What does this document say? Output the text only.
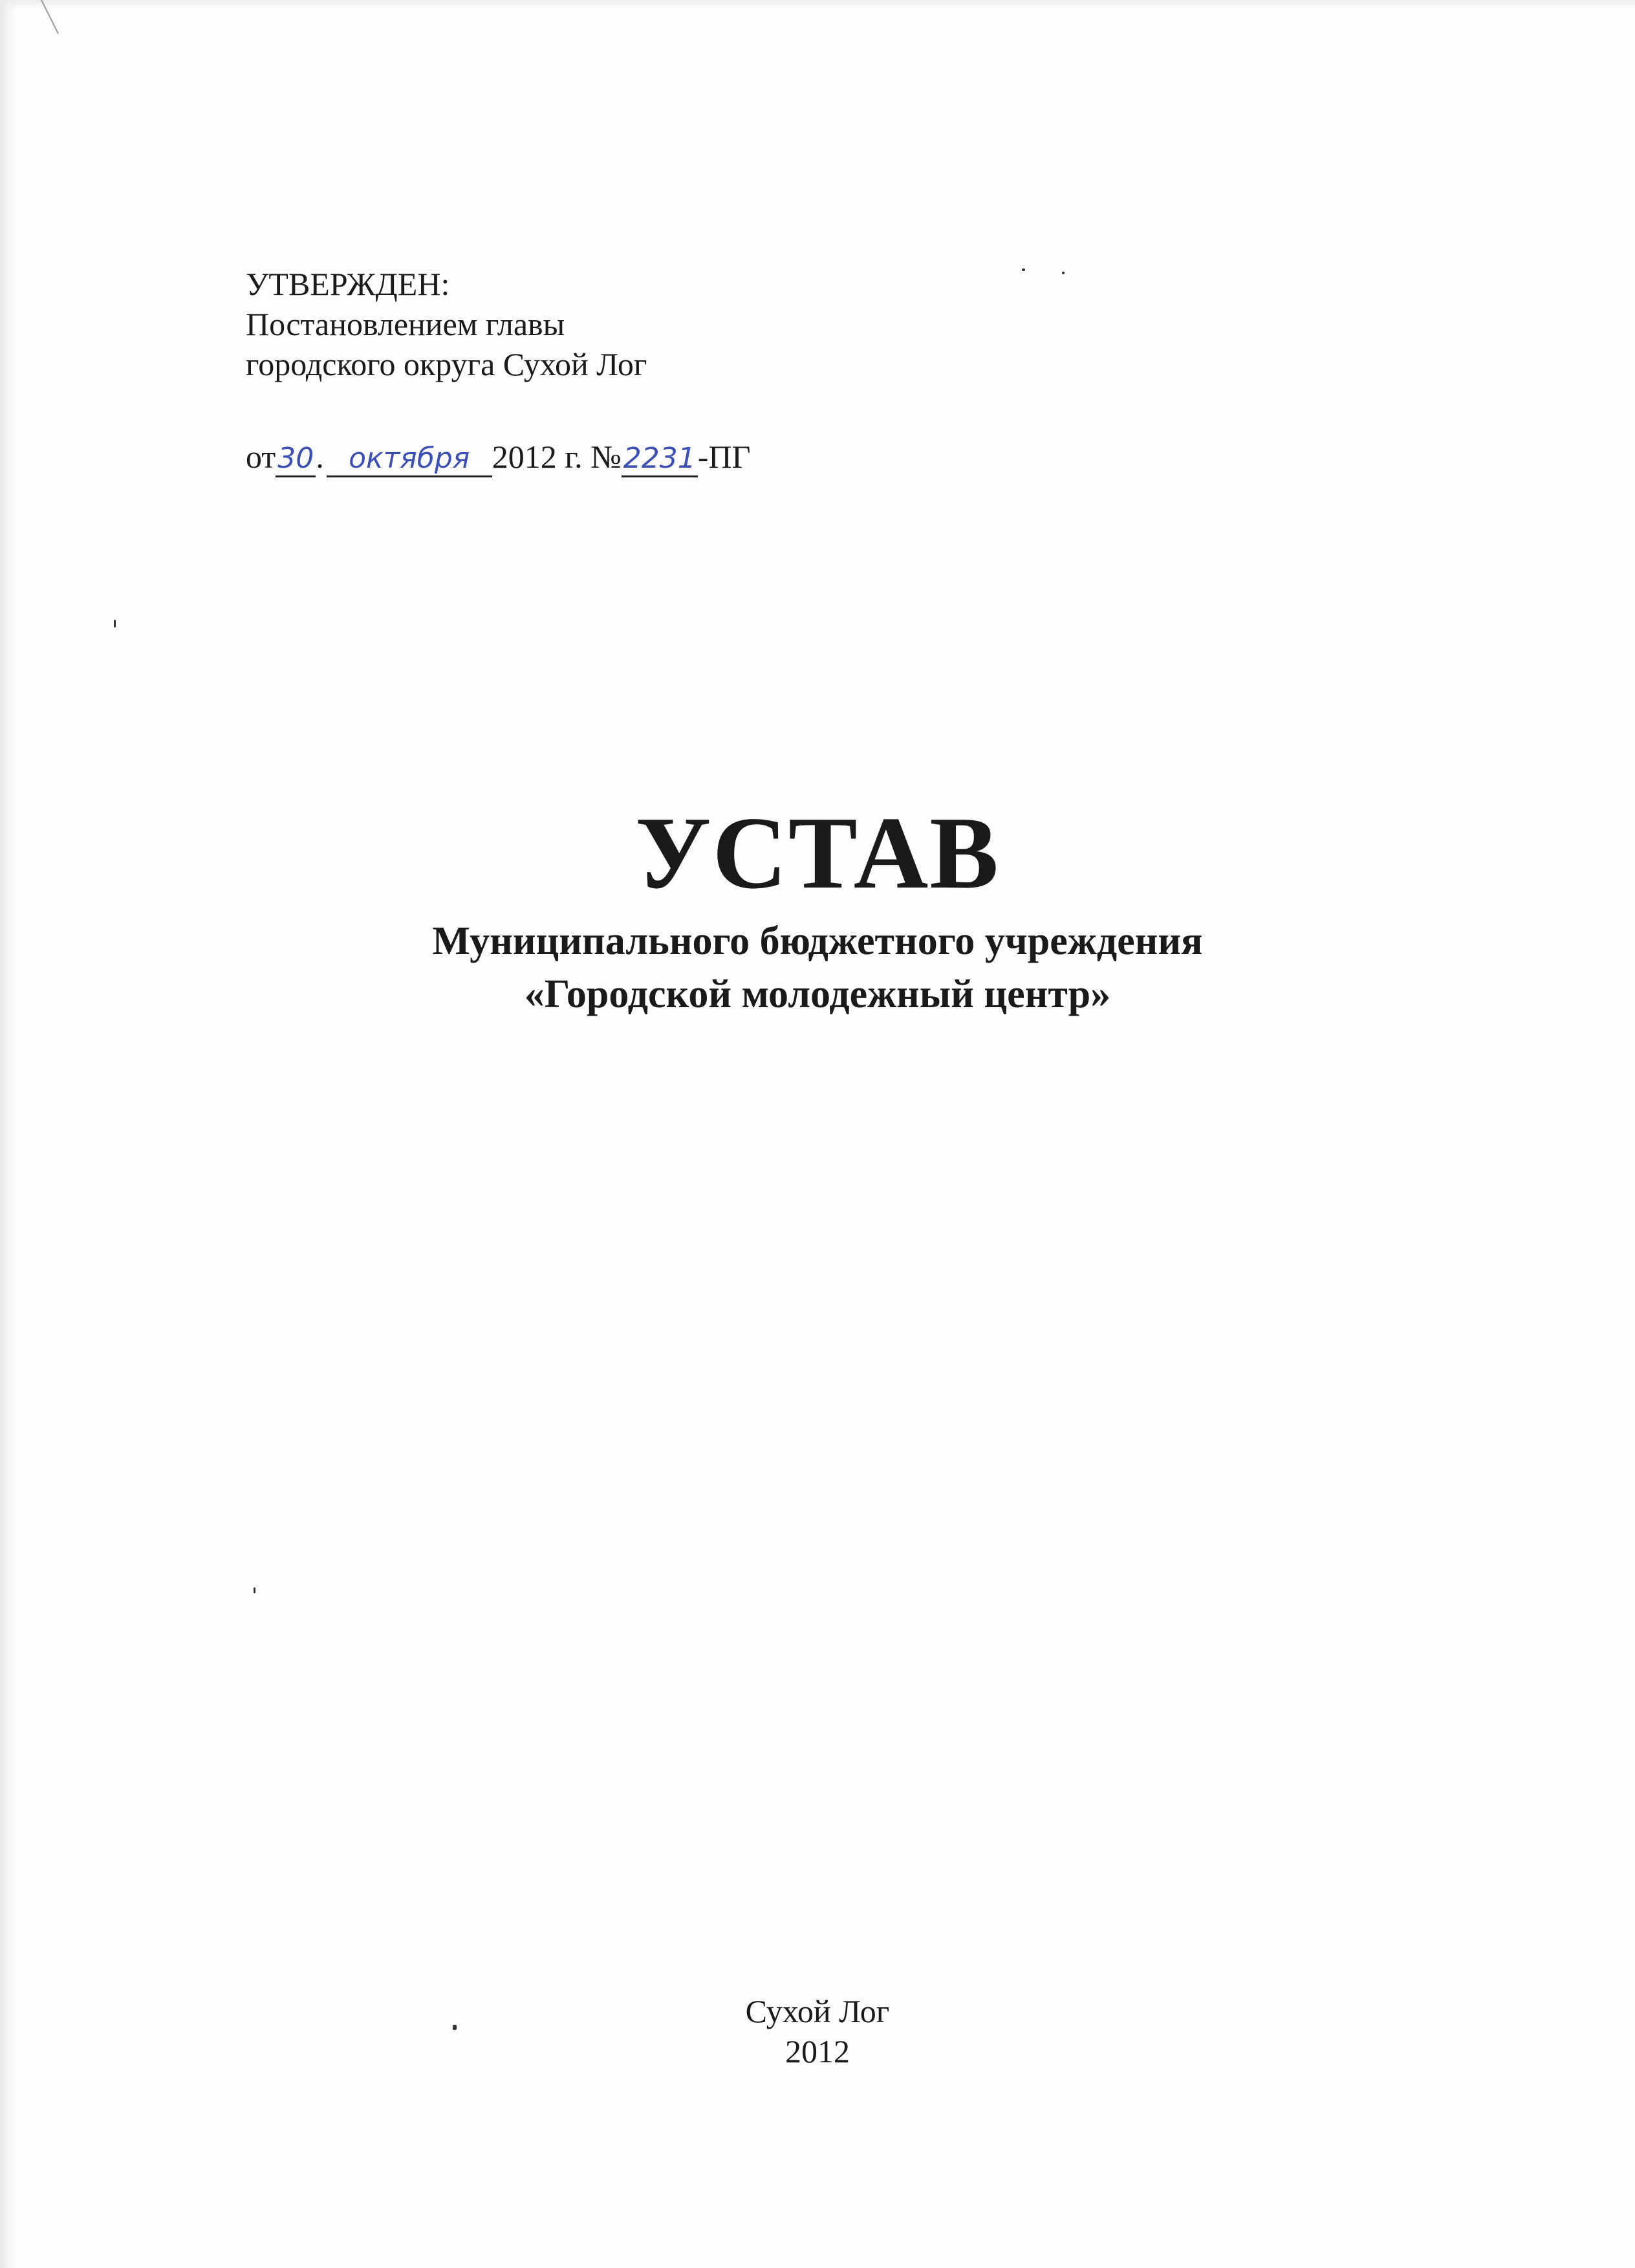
УТВЕРЖДЕН:
Постановлением главы
городского округа Сухой Лог
от30. октября 2012 г. №2231-ПГ
УСТАВ
Муниципального бюджетного учреждения
«Городской молодежный центр»
Сухой Лог
2012
